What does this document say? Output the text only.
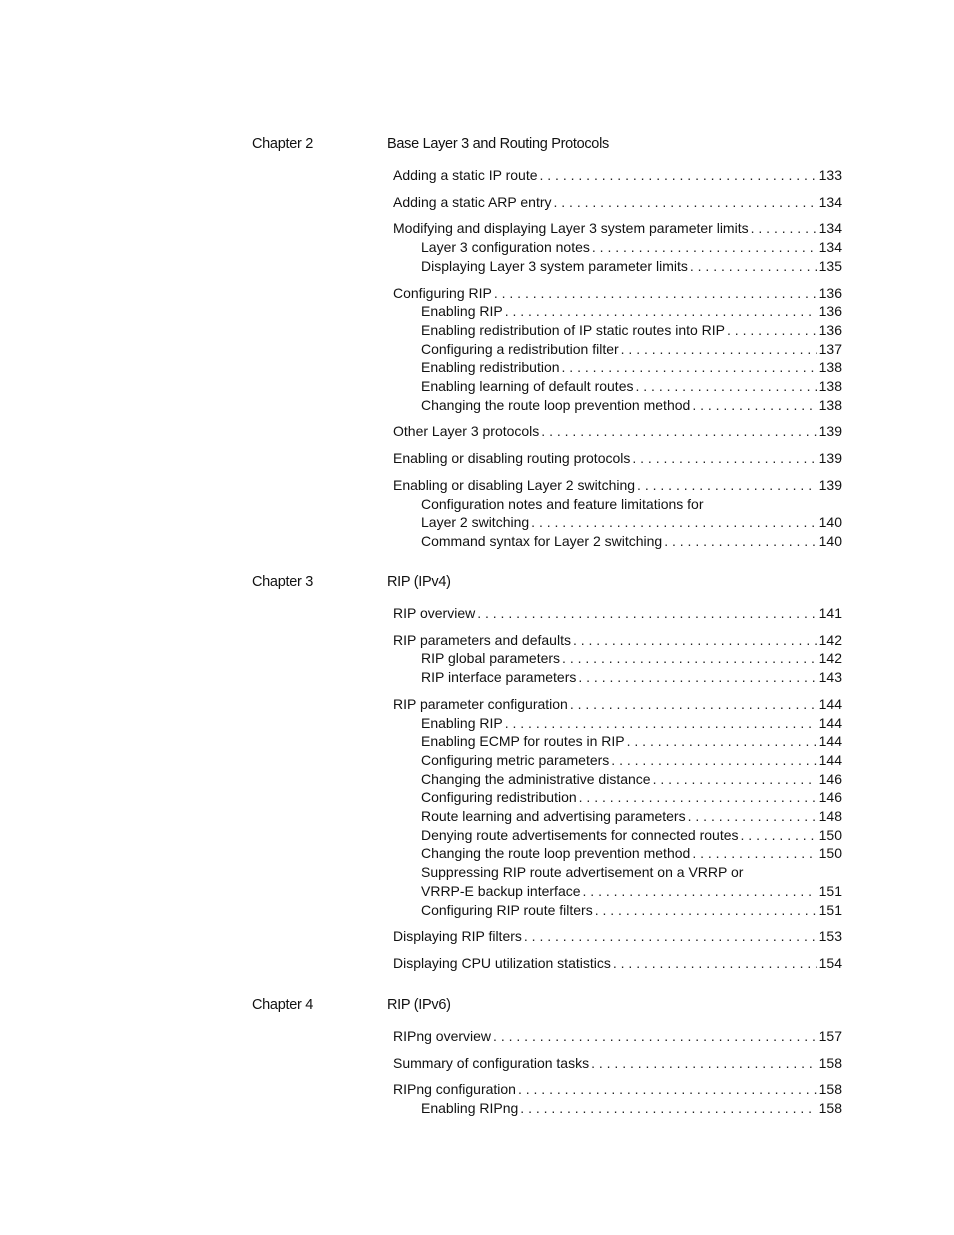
Chapter 2	Base Layer 3 and Routing Protocols
Adding a static IP route . . .	133
Adding a static ARP entry . . .	134
Modifying and displaying Layer 3 system parameter limits . . .	134
Layer 3 configuration notes . . .	134
Displaying Layer 3 system parameter limits . . .	135
Configuring RIP . . .	136
Enabling RIP . . .	136
Enabling redistribution of IP static routes into RIP . . .	136
Configuring a redistribution filter . . .	137
Enabling redistribution . . .	138
Enabling learning of default routes . . .	138
Changing the route loop prevention method . . .	138
Other Layer 3 protocols . . .	139
Enabling or disabling routing protocols . . .	139
Enabling or disabling Layer 2 switching . . .	139
Configuration notes and feature limitations for
Layer 2 switching . . .	140
Command syntax for Layer 2 switching . . .	140
Chapter 3	RIP (IPv4)
RIP overview . . .	141
RIP parameters and defaults . . .	142
RIP global parameters . . .	142
RIP interface parameters . . .	143
RIP parameter configuration . . .	144
Enabling RIP . . .	144
Enabling ECMP for routes in RIP . . .	144
Configuring metric parameters . . .	144
Changing the administrative distance . . .	146
Configuring redistribution . . .	146
Route learning and advertising parameters . . .	148
Denying route advertisements for connected routes . . .	150
Changing the route loop prevention method . . .	150
Suppressing RIP route advertisement on a VRRP or
VRRP-E backup interface . . .	151
Configuring RIP route filters . . .	151
Displaying RIP filters . . .	153
Displaying CPU utilization statistics . . .	154
Chapter 4	RIP (IPv6)
RIPng overview . . .	157
Summary of configuration tasks . . .	158
RIPng configuration . . .	158
Enabling RIPng . . .	158
